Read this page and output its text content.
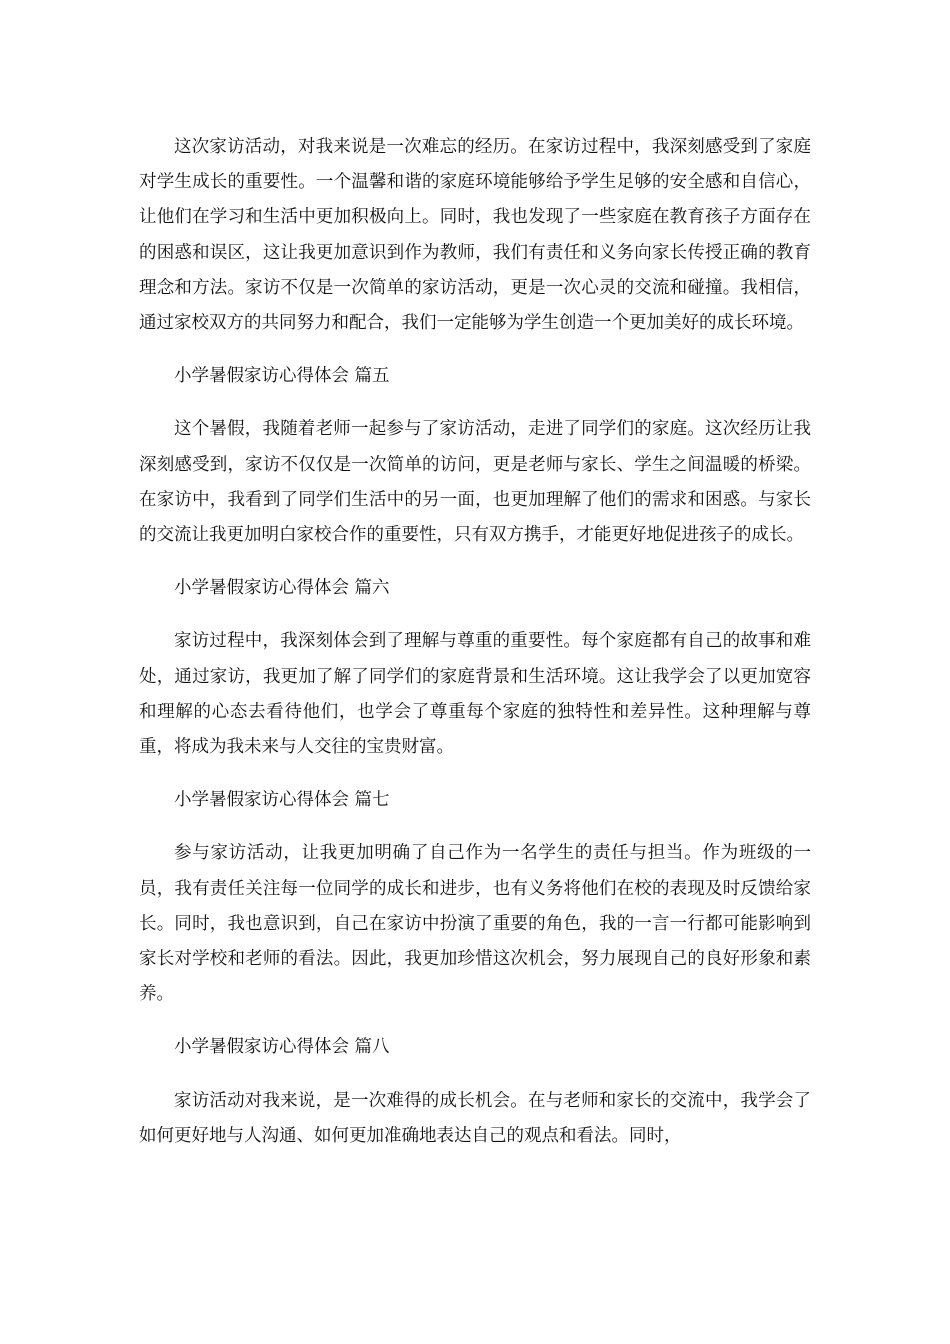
这次家访活动，对我来说是一次难忘的经历。在家访过程中，我深刻感受到了家庭对学生成长的重要性。一个温馨和谐的家庭环境能够给予学生足够的安全感和自信心，让他们在学习和生活中更加积极向上。同时，我也发现了一些家庭在教育孩子方面存在的困惑和误区，这让我更加意识到作为教师，我们有责任和义务向家长传授正确的教育理念和方法。家访不仅是一次简单的家访活动，更是一次心灵的交流和碰撞。我相信，通过家校双方的共同努力和配合，我们一定能够为学生创造一个更加美好的成长环境。

小学暑假家访心得体会 篇五

这个暑假，我随着老师一起参与了家访活动，走进了同学们的家庭。这次经历让我深刻感受到，家访不仅仅是一次简单的访问，更是老师与家长、学生之间温暖的桥梁。在家访中，我看到了同学们生活中的另一面，也更加理解了他们的需求和困惑。与家长的交流让我更加明白家校合作的重要性，只有双方携手，才能更好地促进孩子的成长。

小学暑假家访心得体会 篇六

家访过程中，我深刻体会到了理解与尊重的重要性。每个家庭都有自己的故事和难处，通过家访，我更加了解了同学们的家庭背景和生活环境。这让我学会了以更加宽容和理解的心态去看待他们，也学会了尊重每个家庭的独特性和差异性。这种理解与尊重，将成为我未来与人交往的宝贵财富。

小学暑假家访心得体会 篇七

参与家访活动，让我更加明确了自己作为一名学生的责任与担当。作为班级的一员，我有责任关注每一位同学的成长和进步，也有义务将他们在校的表现及时反馈给家长。同时，我也意识到，自己在家访中扮演了重要的角色，我的一言一行都可能影响到家长对学校和老师的看法。因此，我更加珍惜这次机会，努力展现自己的良好形象和素养。

小学暑假家访心得体会 篇八

家访活动对我来说，是一次难得的成长机会。在与老师和家长的交流中，我学会了如何更好地与人沟通、如何更加准确地表达自己的观点和看法。同时，
